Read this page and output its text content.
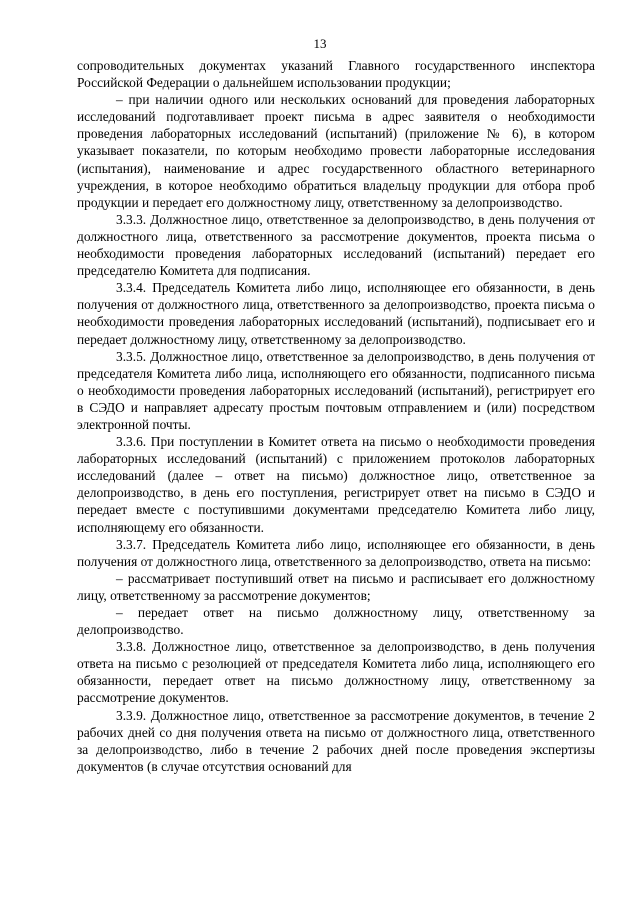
13

сопроводительных документах указаний Главного государственного инспектора Российской Федерации о дальнейшем использовании продукции;

– при наличии одного или нескольких оснований для проведения лабораторных исследований подготавливает проект письма в адрес заявителя о необходимости проведения лабораторных исследований (испытаний) (приложение № 6), в котором указывает показатели, по которым необходимо провести лабораторные исследования (испытания), наименование и адрес государственного областного ветеринарного учреждения, в которое необходимо обратиться владельцу продукции для отбора проб продукции и передает его должностному лицу, ответственному за делопроизводство.

3.3.3. Должностное лицо, ответственное за делопроизводство, в день получения от должностного лица, ответственного за рассмотрение документов, проекта письма о необходимости проведения лабораторных исследований (испытаний) передает его председателю Комитета для подписания.

3.3.4. Председатель Комитета либо лицо, исполняющее его обязанности, в день получения от должностного лица, ответственного за делопроизводство, проекта письма о необходимости проведения лабораторных исследований (испытаний), подписывает его и передает должностному лицу, ответственному за делопроизводство.

3.3.5. Должностное лицо, ответственное за делопроизводство, в день получения от председателя Комитета либо лица, исполняющего его обязанности, подписанного письма о необходимости проведения лабораторных исследований (испытаний), регистрирует его в СЭДО и направляет адресату простым почтовым отправлением и (или) посредством электронной почты.

3.3.6. При поступлении в Комитет ответа на письмо о необходимости проведения лабораторных исследований (испытаний) с приложением протоколов лабораторных исследований (далее – ответ на письмо) должностное лицо, ответственное за делопроизводство, в день его поступления, регистрирует ответ на письмо в СЭДО и передает вместе с поступившими документами председателю Комитета либо лицу, исполняющему его обязанности.

3.3.7. Председатель Комитета либо лицо, исполняющее его обязанности, в день получения от должностного лица, ответственного за делопроизводство, ответа на письмо:

– рассматривает поступивший ответ на письмо и расписывает его должностному лицу, ответственному за рассмотрение документов;

– передает ответ на письмо должностному лицу, ответственному за делопроизводство.

3.3.8. Должностное лицо, ответственное за делопроизводство, в день получения ответа на письмо с резолюцией от председателя Комитета либо лица, исполняющего его обязанности, передает ответ на письмо должностному лицу, ответственному за рассмотрение документов.

3.3.9. Должностное лицо, ответственное за рассмотрение документов, в течение 2 рабочих дней со дня получения ответа на письмо от должностного лица, ответственного за делопроизводство, либо в течение 2 рабочих дней после проведения экспертизы документов (в случае отсутствия оснований для
